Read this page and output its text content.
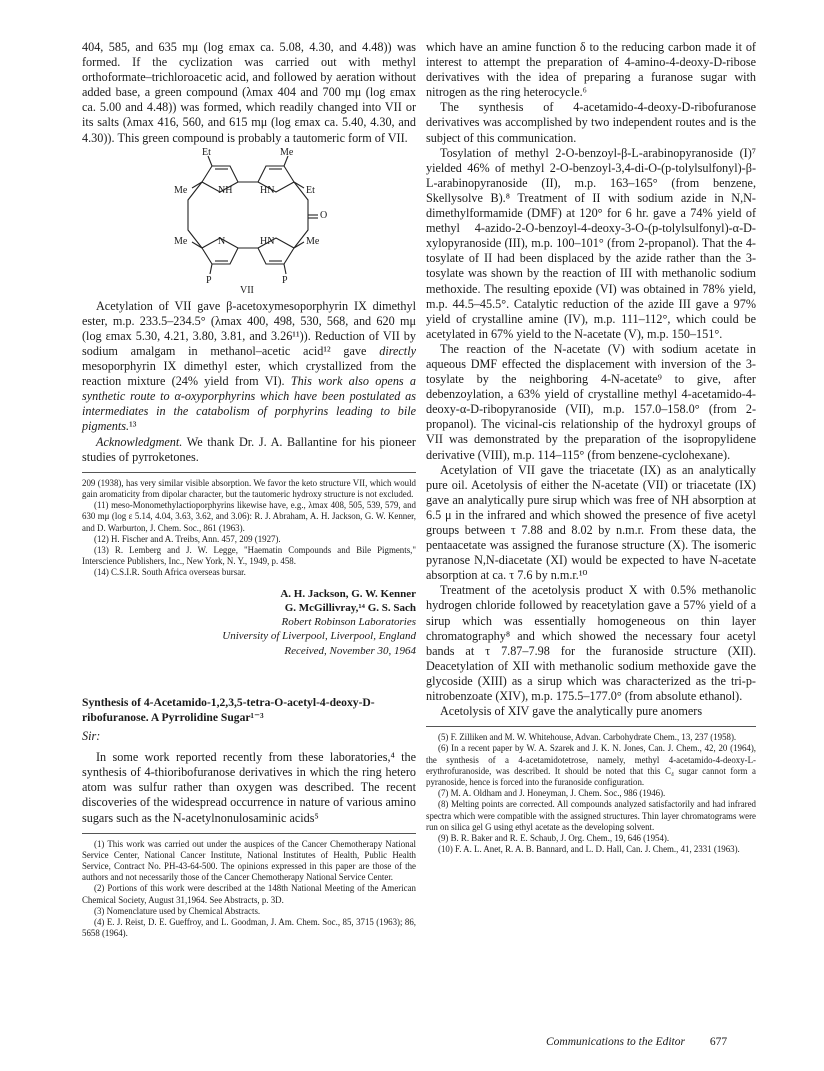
404, 585, and 635 mμ (log εmax ca. 5.08, 4.30, and 4.48)) was formed. If the cyclization was carried out with methyl orthoformate–trichloroacetic acid, and followed by aeration without added base, a green compound (λmax 404 and 700 mμ (log εmax ca. 5.00 and 4.48)) was formed, which readily changed into VII or its salts (λmax 416, 560, and 615 mμ (log εmax ca. 5.40, 4.30, and 4.30)). This green compound is probably a tautomeric form of VII.

Et	Me
Me	NH	HN	Et
O
Me	N	HN	Me
P	P
VII

Acetylation of VII gave β-acetoxymesoporphyrin IX dimethyl ester, m.p. 233.5–234.5° (λmax 400, 498, 530, 568, and 620 mμ (log εmax 5.30, 4.21, 3.80, 3.81, and 3.26¹¹)). Reduction of VII by sodium amalgam in methanol–acetic acid¹² gave directly mesoporphyrin IX dimethyl ester, which crystallized from the reaction mixture (24% yield from VI). This work also opens a synthetic route to α-oxyporphyrins which have been postulated as intermediates in the catabolism of porphyrins leading to bile pigments.¹³

Acknowledgment. We thank Dr. J. A. Ballantine for his pioneer studies of pyrroketones.

209 (1938), has very similar visible absorption. We favor the keto structure VII, which would gain aromaticity from dipolar character, but the tautomeric hydroxy structure is not excluded.

(11) meso-Monomethylactioporphyrins likewise have, e.g., λmax 408, 505, 539, 579, and 630 mμ (log ε 5.14, 4.04, 3.63, 3.62, and 3.06): R. J. Abraham, A. H. Jackson, G. W. Kenner, and D. Warburton, J. Chem. Soc., 861 (1963).

(12) H. Fischer and A. Treibs, Ann. 457, 209 (1927).

(13) R. Lemberg and J. W. Legge, "Haematin Compounds and Bile Pigments," Interscience Publishers, Inc., New York, N. Y., 1949, p. 458.

(14) C.S.I.R. South Africa overseas bursar.

A. H. Jackson, G. W. Kenner
G. McGillivray,¹⁴ G. S. Sach
Robert Robinson Laboratories
University of Liverpool, Liverpool, England
Received, November 30, 1964
Synthesis of 4-Acetamido-1,2,3,5-tetra-O-acetyl-4-deoxy-D-ribofuranose. A Pyrrolidine Sugar¹⁻³
Sir:

In some work reported recently from these laboratories,⁴ the synthesis of 4-thioribofuranose derivatives in which the ring hetero atom was sulfur rather than oxygen was described. The recent discoveries of the widespread occurrence in nature of various amino sugars such as the N-acetylnonulosaminic acids⁵

(1) This work was carried out under the auspices of the Cancer Chemotherapy National Service Center, National Cancer Institute, National Institutes of Health, Public Health Service, Contract No. PH-43-64-500. The opinions expressed in this paper are those of the authors and not necessarily those of the Cancer Chemotherapy National Service Center.

(2) Portions of this work were described at the 148th National Meeting of the American Chemical Society, August 31,1964. See Abstracts, p. 3D.

(3) Nomenclature used by Chemical Abstracts.

(4) E. J. Reist, D. E. Gueffroy, and L. Goodman, J. Am. Chem. Soc., 85, 3715 (1963); 86, 5658 (1964).

which have an amine function δ to the reducing carbon made it of interest to attempt the preparation of 4-amino-4-deoxy-D-ribose derivatives with the idea of preparing a furanose sugar with nitrogen as the ring heterocycle.⁶

The synthesis of 4-acetamido-4-deoxy-D-ribofuranose derivatives was accomplished by two independent routes and is the subject of this communication.

Tosylation of methyl 2-O-benzoyl-β-L-arabinopyranoside (I)⁷ yielded 46% of methyl 2-O-benzoyl-3,4-di-O-(p-tolylsulfonyl)-β-L-arabinopyranoside (II), m.p. 163–165° (from benzene, Skellysolve B).⁸ Treatment of II with sodium azide in N,N-dimethylformamide (DMF) at 120° for 6 hr. gave a 74% yield of methyl 4-azido-2-O-benzoyl-4-deoxy-3-O-(p-tolylsulfonyl)-α-D-xylopyranoside (III), m.p. 100–101° (from 2-propanol). That the 4-tosylate of II had been displaced by the azide rather than the 3-tosylate was shown by the reaction of III with methanolic sodium methoxide. The resulting epoxide (VI) was obtained in 78% yield, m.p. 44.5–45.5°. Catalytic reduction of the azide III gave a 97% yield of crystalline amine (IV), m.p. 111–112°, which could be acetylated in 67% yield to the N-acetate (V), m.p. 150–151°.

The reaction of the N-acetate (V) with sodium acetate in aqueous DMF effected the displacement with inversion of the 3-tosylate by the neighboring 4-N-acetate⁹ to give, after debenzoylation, a 63% yield of crystalline methyl 4-acetamido-4-deoxy-α-D-ribopyranoside (VII), m.p. 157.0–158.0° (from 2-propanol). The vicinal-cis relationship of the hydroxyl groups of VII was demonstrated by the preparation of the isopropylidene derivative (VIII), m.p. 114–115° (from benzene-cyclohexane).

Acetylation of VII gave the triacetate (IX) as an analytically pure oil. Acetolysis of either the N-acetate (VII) or triacetate (IX) gave an analytically pure sirup which was free of NH absorption at 6.5 μ in the infrared and which showed the presence of five acetyl groups between τ 7.88 and 8.02 by n.m.r. From these data, the pentaacetate was assigned the furanose structure (X). The isomeric pyranose N,N-diacetate (XI) would be expected to have N-acetate absorption at ca. τ 7.6 by n.m.r.¹⁰

Treatment of the acetolysis product X with 0.5% methanolic hydrogen chloride followed by reacetylation gave a 57% yield of a sirup which was essentially homogeneous on thin layer chromatography⁸ and which showed the necessary four acetyl bands at τ 7.87–7.98 for the furanoside structure (XII). Deacetylation of XII with methanolic sodium methoxide gave the glycoside (XIII) as a sirup which was characterized as the tri-p-nitrobenzoate (XIV), m.p. 175.5–177.0° (from absolute ethanol).

Acetolysis of XIV gave the analytically pure anomers

(5) F. Zilliken and M. W. Whitehouse, Advan. Carbohydrate Chem., 13, 237 (1958).

(6) In a recent paper by W. A. Szarek and J. K. N. Jones, Can. J. Chem., 42, 20 (1964), the synthesis of a 4-acetamidotetrose, namely, methyl 4-acetamido-4-deoxy-L-erythrofuranoside, was described. It should be noted that this C₄ sugar cannot form a pyranoside, hence is forced into the furanoside configuration.

(7) M. A. Oldham and J. Honeyman, J. Chem. Soc., 986 (1946).

(8) Melting points are corrected. All compounds analyzed satisfactorily and had infrared spectra which were compatible with the assigned structures. Thin layer chromatograms were run on silica gel G using ethyl acetate as the developing solvent.

(9) B. R. Baker and R. E. Schaub, J. Org. Chem., 19, 646 (1954).

(10) F. A. L. Anet, R. A. B. Bannard, and L. D. Hall, Can. J. Chem., 41, 2331 (1963).

Communications to the Editor 677
